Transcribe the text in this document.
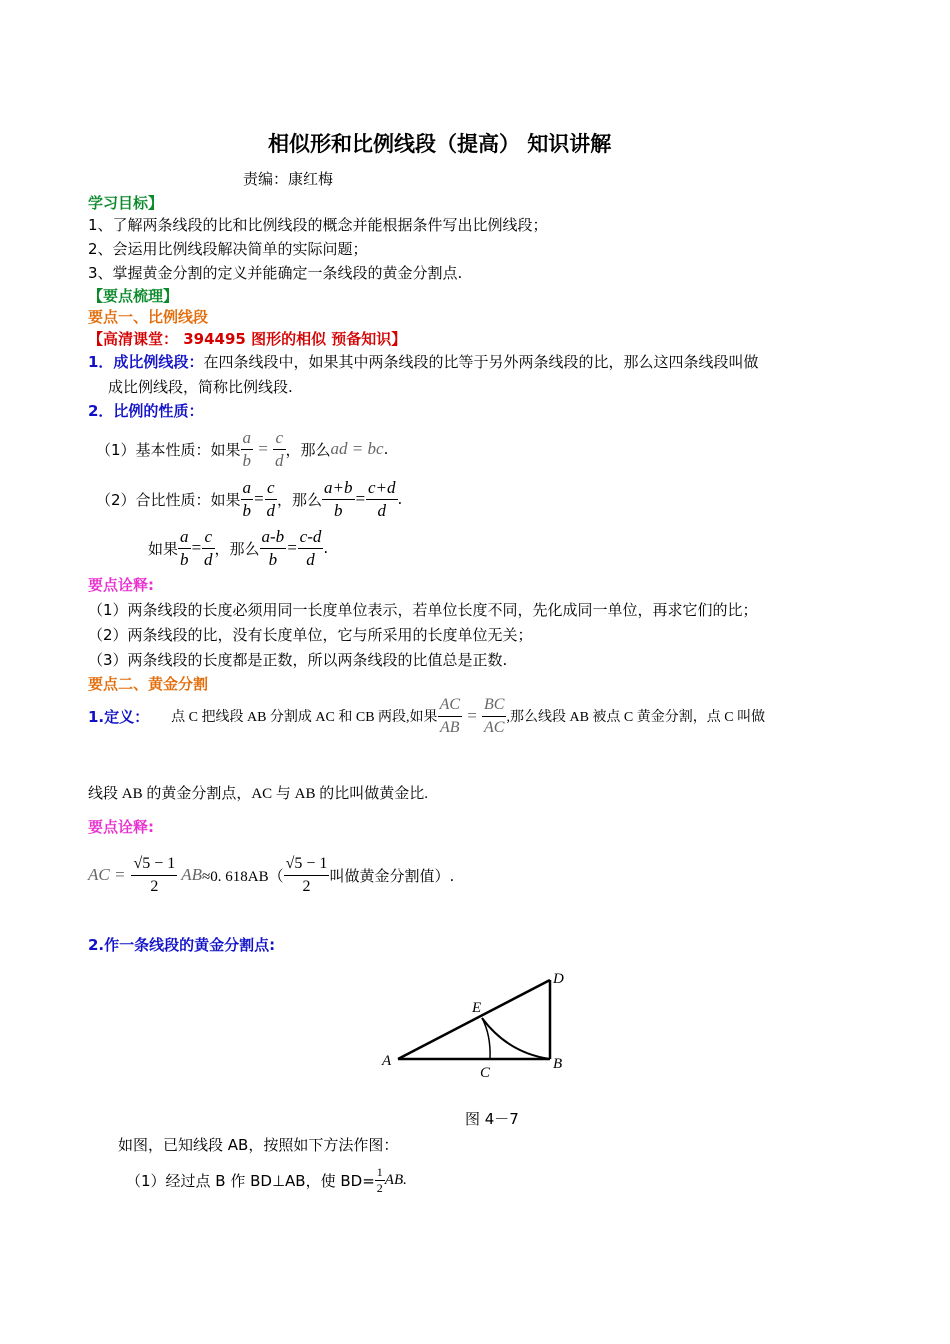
相似形和比例线段（提高） 知识讲解
责编：康红梅
学习目标】
1、了解两条线段的比和比例线段的概念并能根据条件写出比例线段；
2、会运用比例线段解决简单的实际问题；
3、掌握黄金分割的定义并能确定一条线段的黄金分割点.
【要点梳理】
要点一、比例线段
【高清课堂： 394495 图形的相似 预备知识】
1．成比例线段：在四条线段中，如果其中两条线段的比等于另外两条线段的比，那么这四条线段叫做
成比例线段，简称比例线段.
2．比例的性质：
（1）基本性质：如果 $\frac{a}{b} = \frac{c}{d}$ ，那么 ad = bc .
（2）合比性质：如果 $\frac{a}{b} = \frac{c}{d}$ ，那么 $\frac{a+b}{b} = \frac{c+d}{d}$ .
如果 $\frac{a}{b} = \frac{c}{d}$ ，那么 $\frac{a-b}{b} = \frac{c-d}{d}$ .
要点诠释:
（1）两条线段的长度必须用同一长度单位表示，若单位长度不同，先化成同一单位，再求它们的比；
（2）两条线段的比，没有长度单位，它与所采用的长度单位无关；
（3）两条线段的长度都是正数，所以两条线段的比值总是正数.
要点二、黄金分割
1.定义： 点 C 把线段 AB 分割成 AC 和 CB 两段,如果 $\frac{AC}{AB} = \frac{BC}{AC}$ ,那么线段 AB 被点 C 黄金分割，点 C 叫做
线段 AB 的黄金分割点，AC 与 AB 的比叫做黄金比.
要点诠释:
AC = $\frac{√5 - 1}{2}$ AB ≈0. $618AB( \frac{√5 - 1}{2}$ 叫做黄金分割值）.
2.作一条线段的黄金分割点:
A	B
C
D
E
图 4－7
如图，已知线段 AB，按照如下方法作图：
（1）经过点 B 作 BD⊥AB，使 $BD= \frac{1}{2}$ AB.
